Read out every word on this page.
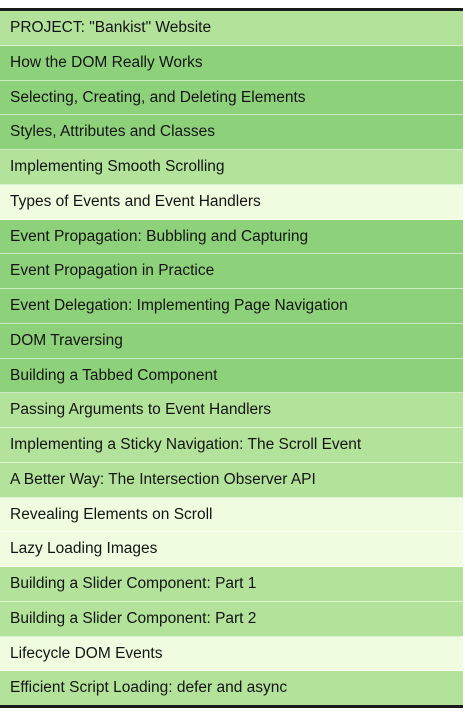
PROJECT: "Bankist" Website
How the DOM Really Works
Selecting, Creating, and Deleting Elements
Styles, Attributes and Classes
Implementing Smooth Scrolling
Types of Events and Event Handlers
Event Propagation: Bubbling and Capturing
Event Propagation in Practice
Event Delegation: Implementing Page Navigation
DOM Traversing
Building a Tabbed Component
Passing Arguments to Event Handlers
Implementing a Sticky Navigation: The Scroll Event
A Better Way: The Intersection Observer API
Revealing Elements on Scroll
Lazy Loading Images
Building a Slider Component: Part 1
Building a Slider Component: Part 2
Lifecycle DOM Events
Efficient Script Loading: defer and async
